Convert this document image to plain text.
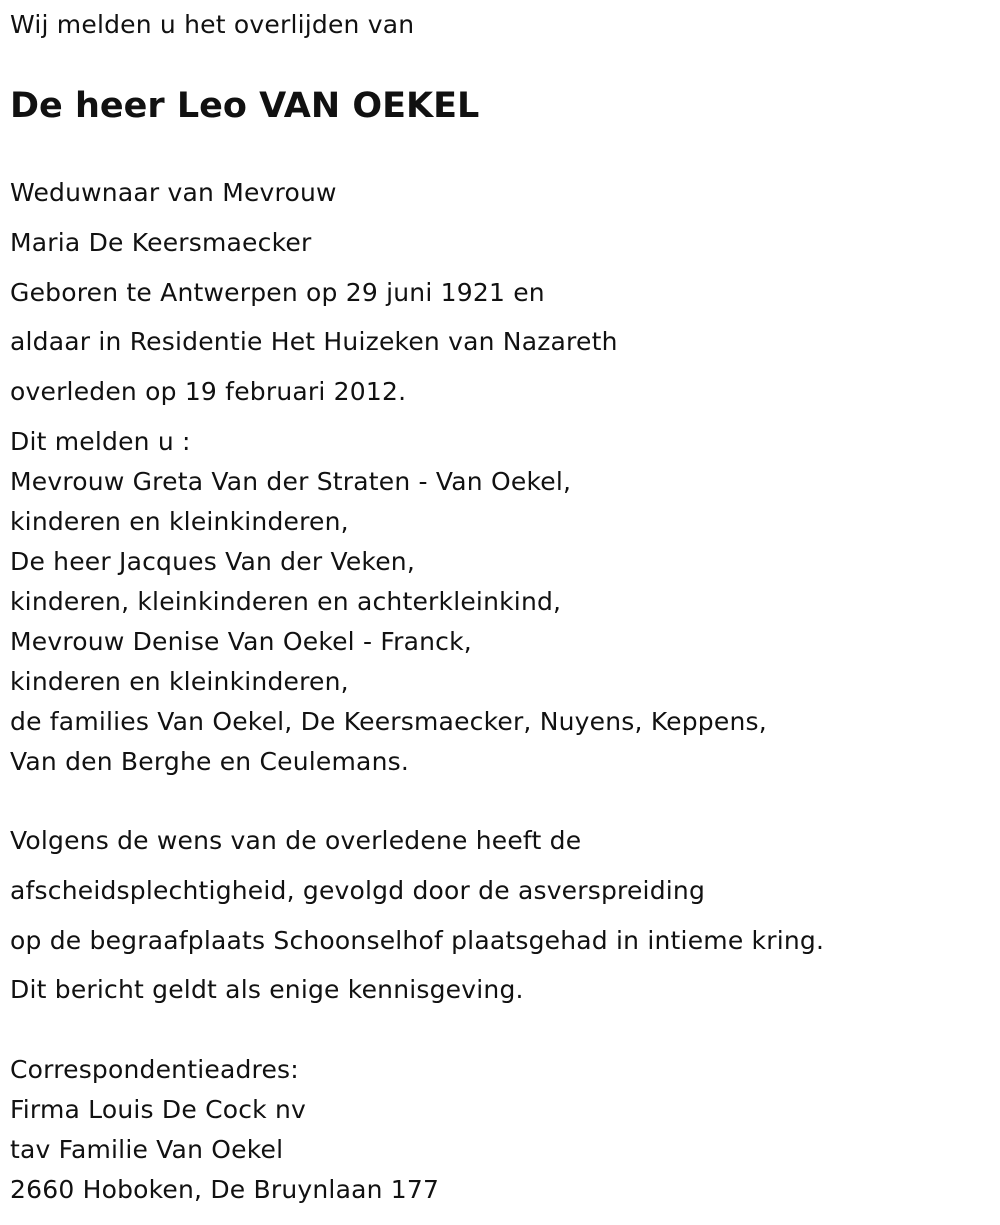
Wij melden u het overlijden van

De heer Leo VAN OEKEL

Weduwnaar van Mevrouw

Maria De Keersmaecker

Geboren te Antwerpen op 29 juni 1921 en

aldaar in Residentie Het Huizeken van Nazareth

overleden op 19 februari 2012.

Dit melden u :

Mevrouw Greta Van der Straten - Van Oekel,

kinderen en kleinkinderen,

De heer Jacques Van der Veken,

kinderen, kleinkinderen en achterkleinkind,

Mevrouw Denise Van Oekel - Franck,

kinderen en kleinkinderen,

de families Van Oekel, De Keersmaecker, Nuyens, Keppens,

Van den Berghe en Ceulemans.

Volgens de wens van de overledene heeft de

afscheidsplechtigheid, gevolgd door de asverspreiding

op de begraafplaats Schoonselhof plaatsgehad in intieme kring.

Dit bericht geldt als enige kennisgeving.

Correspondentieadres:

Firma Louis De Cock nv

tav Familie Van Oekel

2660 Hoboken, De Bruynlaan 177
